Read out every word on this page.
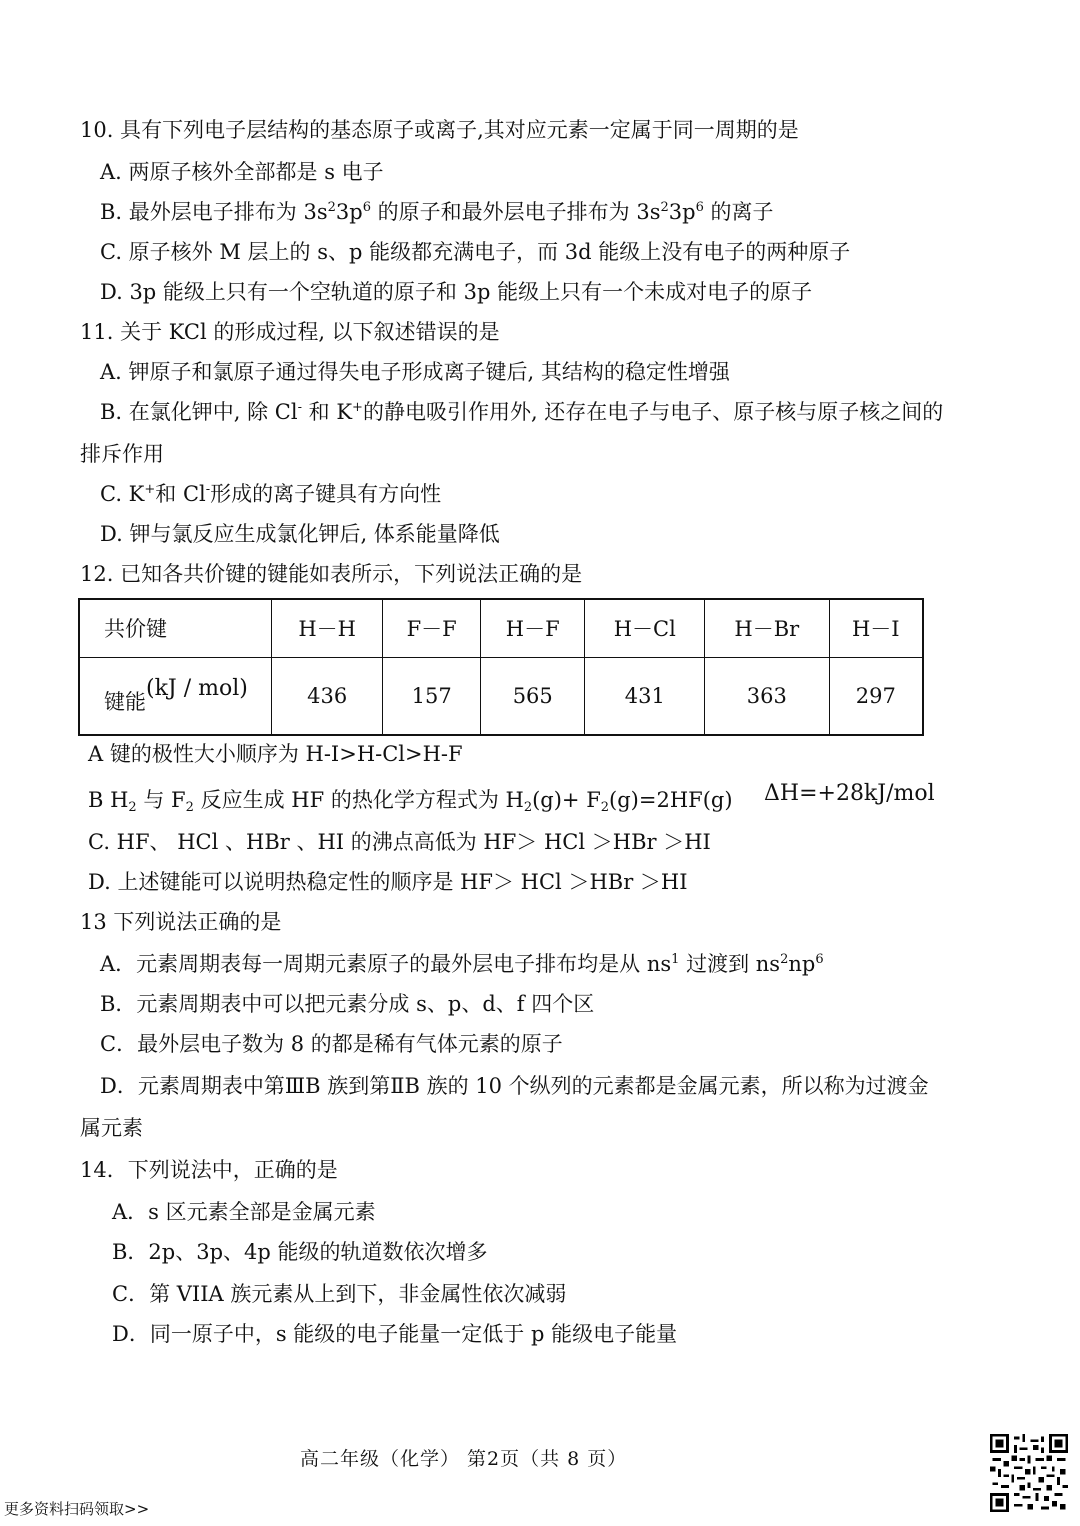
10. 具有下列电子层结构的基态原子或离子,其对应元素一定属于同一周期的是
A. 两原子核外全部都是 s 电子
B. 最外层电子排布为 $3s^23p^6$ 的原子和最外层电子排布为 $3s^23p^6$ 的离子
C. 原子核外 M 层上的 s、p 能级都充满电子，而 3d 能级上没有电子的两种原子
D. 3p 能级上只有一个空轨道的原子和 3p 能级上只有一个未成对电子的原子
11. 关于 KCl 的形成过程, 以下叙述错误的是
A. 钾原子和氯原子通过得失电子形成离子键后, 其结构的稳定性增强
B. 在氯化钾中, 除 Cl- 和 K+的静电吸引作用外, 还存在电子与电子、原子核与原子核之间的
排斥作用
C. K+和 Cl-形成的离子键具有方向性
D. 钾与氯反应生成氯化钾后, 体系能量降低
12. 已知各共价键的键能如表所示，下列说法正确的是
共价键	H－H	F－F	H－F	H－Cl	H－Br	H－I
键能(kJ / mol)	436	157	565	431	363	297
A 键的极性大小顺序为 H-I>H-Cl>H-F
B $H_2$ 与 $F_2$ 反应生成 HF 的热化学方程式为 $H_2(g)+ F_2(g)=2HF(g)$ ΔH=+28kJ/mol
C. HF、 HCl 、HBr 、HI 的沸点高低为 HF＞ HCl ＞HBr ＞HI
D. 上述键能可以说明热稳定性的顺序是 HF＞ HCl ＞HBr ＞HI
13 下列说法正确的是
A．元素周期表每一周期元素原子的最外层电子排布均是从 $ns^1$ 过渡到 $ns^2np^6$
B．元素周期表中可以把元素分成 s、p、d、f 四个区
C．最外层电子数为 8 的都是稀有气体元素的原子
D．元素周期表中第ⅢB 族到第ⅡB 族的 10 个纵列的元素都是金属元素，所以称为过渡金
属元素
14．下列说法中，正确的是
A．s 区元素全部是金属元素
B．2p、3p、4p 能级的轨道数依次增多
C．第 VIIA 族元素从上到下，非金属性依次减弱
D．同一原子中，s 能级的电子能量一定低于 p 能级电子能量
高二年级（化学） 第2页（共 8 页）
更多资料扫码领取>>
